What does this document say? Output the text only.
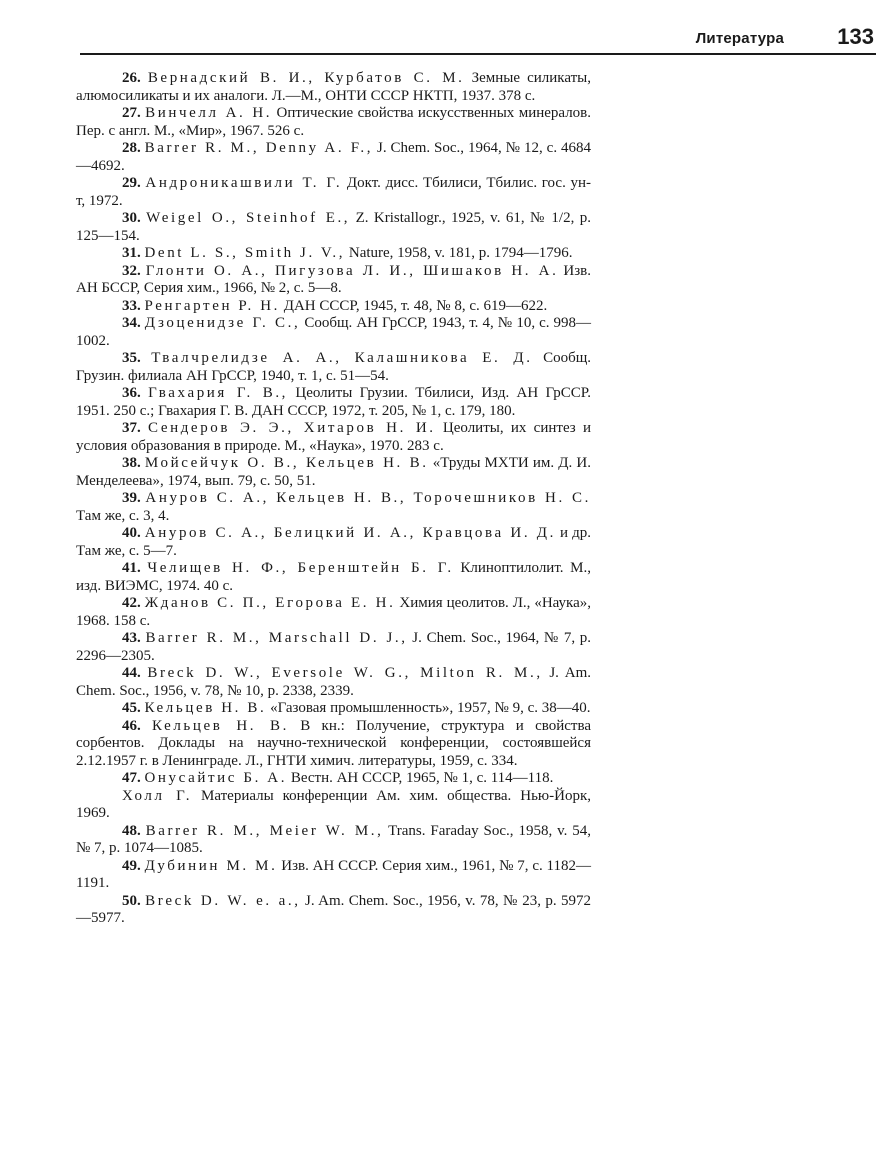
Литература 133

26. Вернадский В. И., Курбатов С. М. Земные силикаты, алюмосиликаты и их аналоги. Л.—М., ОНТИ СССР НКТП, 1937. 378 с.

27. Винчелл А. Н. Оптические свойства искусственных минералов. Пер. с англ. М., «Мир», 1967. 526 с.

28. Barrer R. M., Denny A. F., J. Chem. Soc., 1964, № 12, с. 4684—4692.

29. Андроникашвили Т. Г. Докт. дисс. Тбилиси, Тбилис. гос. ун-т, 1972.

30. Weigel O., Steinhof E., Z. Kristallogr., 1925, v. 61, № 1/2, p. 125—154.

31. Dent L. S., Smith J. V., Nature, 1958, v. 181, p. 1794—1796.

32. Глонти О. А., Пигузова Л. И., Шишаков Н. А. Изв. АН БССР, Серия хим., 1966, № 2, с. 5—8.

33. Ренгартен Р. Н. ДАН СССР, 1945, т. 48, № 8, с. 619—622.

34. Дзоценидзе Г. С., Сообщ. АН ГрССР, 1943, т. 4, № 10, с. 998—1002.

35. Твалчрелидзе А. А., Калашникова Е. Д. Сообщ. Грузин. филиала АН ГрССР, 1940, т. 1, с. 51—54.

36. Гвахария Г. В., Цеолиты Грузии. Тбилиси, Изд. АН ГрССР. 1951. 250 с.; Гвахария Г. В. ДАН СССР, 1972, т. 205, № 1, с. 179, 180.

37. Сендеров Э. Э., Хитаров Н. И. Цеолиты, их синтез и условия образования в природе. М., «Наука», 1970. 283 с.

38. Мойсейчук О. В., Кельцев Н. В. «Труды МХТИ им. Д. И. Менделеева», 1974, вып. 79, с. 50, 51.

39. Ануров С. А., Кельцев Н. В., Торочешников Н. С. Там же, с. 3, 4.

40. Ануров С. А., Белицкий И. А., Кравцова И. Д. и др. Там же, с. 5—7.

41. Челищев Н. Ф., Беренштейн Б. Г. Клиноптилолит. М., изд. ВИЭМС, 1974. 40 с.

42. Жданов С. П., Егорова Е. Н. Химия цеолитов. Л., «Наука», 1968. 158 с.

43. Barrer R. M., Marschall D. J., J. Chem. Soc., 1964, № 7, p. 2296—2305.

44. Breck D. W., Eversole W. G., Milton R. M., J. Am. Chem. Soc., 1956, v. 78, № 10, p. 2338, 2339.

45. Кельцев Н. В. «Газовая промышленность», 1957, № 9, с. 38—40.

46. Кельцев Н. В. В кн.: Получение, структура и свойства сорбентов. Доклады на научно-технической конференции, состоявшейся 2.12.1957 г. в Ленинграде. Л., ГНТИ химич. литературы, 1959, с. 334.

47. Онусайтис Б. А. Вестн. АН СССР, 1965, № 1, с. 114—118.

Холл Г. Материалы конференции Ам. хим. общества. Нью-Йорк, 1969.

48. Barrer R. M., Meier W. M., Trans. Faraday Soc., 1958, v. 54, № 7, p. 1074—1085.

49. Дубинин М. М. Изв. АН СССР. Серия хим., 1961, № 7, с. 1182—1191.

50. Breck D. W. e. a., J. Am. Chem. Soc., 1956, v. 78, № 23, p. 5972—5977.
